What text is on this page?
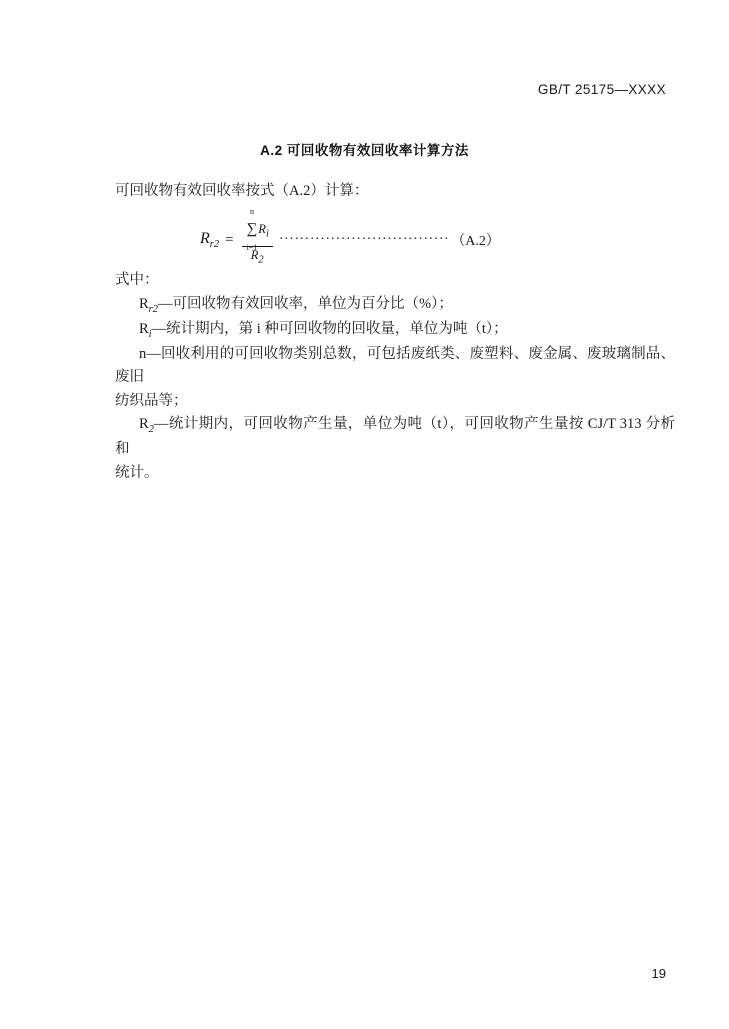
GB/T 25175—XXXX
A.2 可回收物有效回收率计算方法
可回收物有效回收率按式（A.2）计算：
$R_{r2} = n$
∑
i=1
$R_i$
$R_2$ ································· （A.2）
式中：
$R_{r2}—$可回收物有效回收率，单位为百分比（%）；
$R_i—$统计期内，第 i 种可回收物的回收量，单位为吨（t）；
n—回收利用的可回收物类别总数，可包括废纸类、废塑料、废金属、废玻璃制品、废旧
纺织品等；
$R_2—$统计期内，可回收物产生量，单位为吨（t），可回收物产生量按 CJ/T 313 分析和
统计。
19
